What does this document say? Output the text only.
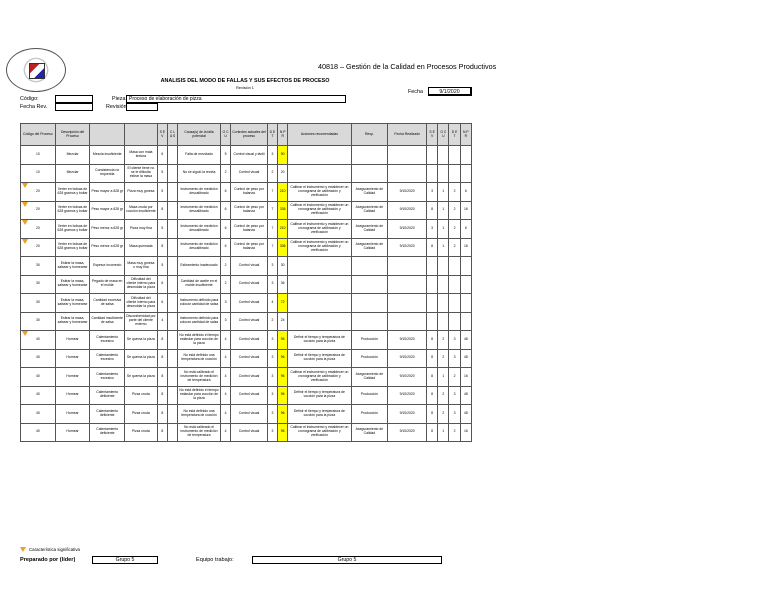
40818 – Gestión de la Calidad en Procesos Productivos
ANALISIS DEL MODO DE FALLAS Y SUS EFECTOS DE PROCESO
Revisión 1
Código:
Fecha Rev.
Pieza Proceso de elaboración de pizza
Revisión
Fecha	9/1/2020
Código del Proceso	Descripción del Proceso			S E V	C L A S	Causa(s) de la falla potencial	O C U	Controles actuales del proceso	D E T	N P R	Acciones recomendadas	Resp.	Fecha Realizado	S E V	O C U	D E T	N P R
10	Mezclar	Mezcla insuficiente	Masa con mala textura	6		Falta de mezclado	5	Control visual y táctil	3	90							
10	Mezclar	Consistencia no requerida	El cliente tiene no se le dificulta estirar la masa	5		No se siguió la receta	2	Control visual	2	20							

20	Verter en bolsas de 628 gramos y boltar	Peso mayor a 628 gr	Pizza muy gruesa	5		Instrumento de medición descalibrado	6	Control de peso por balanza	7	210	Calibrar el instrumento y establecer un cronograma de calibración y verificación	Aseguramiento de Calidad	9/10/2020	3	1	2	6

20	Verter en bolsas de 628 gramos y boltar	Peso mayor a 628 gr	Masa cruda por cocción insuficiente	8		Instrumento de medición descalibrado	6	Control de peso por balanza	7	336	Calibrar el instrumento y establecer un cronograma de calibración y verificación	Aseguramiento de Calidad	9/10/2020	8	1	2	16

20	Verter en bolsas de 628 gramos y boltar	Peso menor a 628 gr	Pizza muy fina	5		Instrumento de medición descalibrado	6	Control de peso por balanza	7	210	Calibrar el instrumento y establecer un cronograma de calibración y verificación	Aseguramiento de Calidad	9/10/2020	3	1	2	6

20	Verter en bolsas de 628 gramos y boltar	Peso menor a 628 gr	Masa quemada	8		Instrumento de medición descalibrado	6	Control de peso por balanza	7	336	Calibrar el instrumento y establecer un cronograma de calibración y verificación	Aseguramiento de Calidad	9/10/2020	8	1	2	16
30	Estirar la masa, salsear y hornearse	Espesor incorrecto	Masa muy gruesa o muy fina	5		Estiramiento inadecuado	2	Control visual	3	30							
30	Estirar la masa, salsear y hornearse	Pegado de masa en el molde	Dificultad del cliente interno para desmoldar la pizza	6		Cantidad de aceite en el molde insuficiente	2	Control visual	3	36							
30	Estirar la masa, salsear y hornearse	Cantidad excesiva de salsa	Dificultad del cliente interno para desmoldar la pizza	6		Instrumento definido para colocar cantidad de salsa	3	Control visual	4	72							
30	Estirar la masa, salsear y hornearse	Cantidad insuficiente de salsa	Disconformidad por parte del cliente externo	4		Instrumento definido para colocar cantidad de salsa	3	Control visual	2	24							

40	Hornear	Calentamiento excesivo	Se quema la pizza	8		No está definido el tiempo estándar para cocción de la pizza	4	Control visual	3	96	Definir el tiempo y temperatura de cocción para la pizza	Producción	9/10/2020	8	2	3	48
40	Hornear	Calentamiento excesivo	Se quema la pizza	8		No está definido una temperatura de cocción	4	Control visual	3	96	Definir el tiempo y temperatura de cocción para la pizza	Producción	9/10/2020	8	2	3	48
40	Hornear	Calentamiento excesivo	Se quema la pizza	8		No está calibrado el instrumento de medición de temperatura	4	Control visual	3	96	Calibrar el instrumento y establecer un cronograma de calibración y verificación	Aseguramiento de Calidad	9/10/2020	8	1	2	16
40	Hornear	Calentamiento deficiente	Pizza cruda	8		No está definido el tiempo estándar para cocción de la pizza	4	Control visual	3	96	Definir el tiempo y temperatura de cocción para la pizza	Producción	9/10/2020	8	2	3	48
40	Hornear	Calentamiento deficiente	Pizza cruda	8		No está definido una temperatura de cocción	4	Control visual	3	96	Definir el tiempo y temperatura de cocción para la pizza	Producción	9/10/2020	8	2	3	48
40	Hornear	Calentamiento deficiente	Pizza cruda	8		No está calibrado el instrumento de medición de temperatura	4	Control visual	3	96	Calibrar el instrumento y establecer un cronograma de calibración y verificación	Aseguramiento de Calidad	9/10/2020	8	1	2	16
Característica significativa
Preparado por (líder)	Grupo 5	Equipo trabajo:	Grupo 5
